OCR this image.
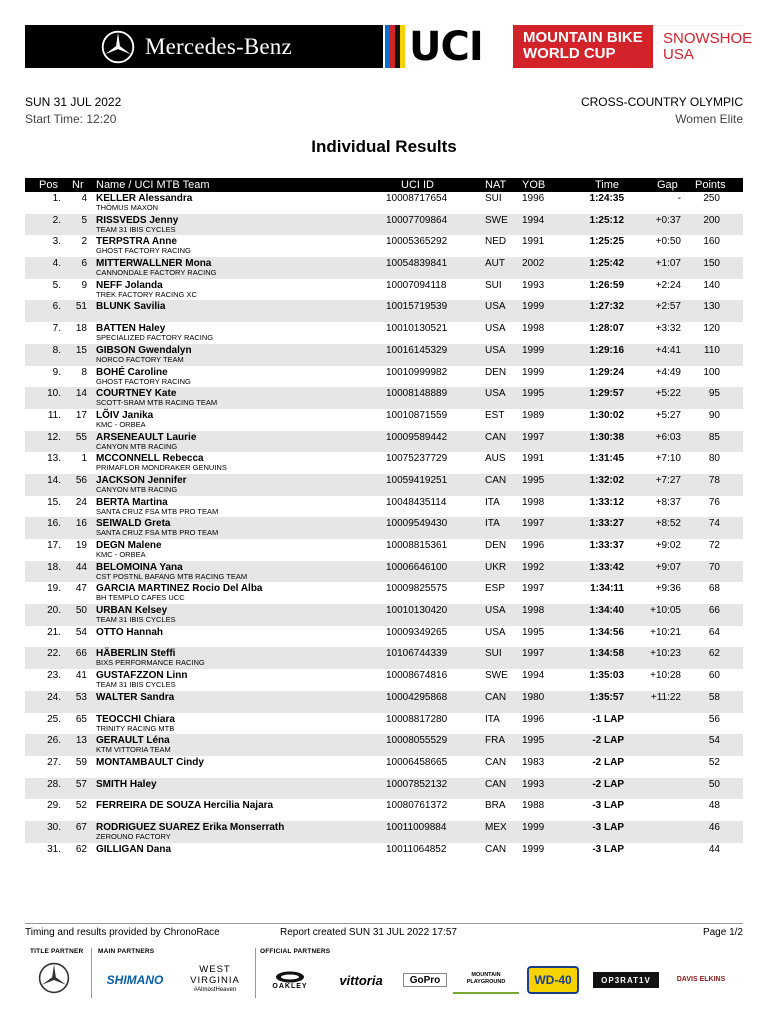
Mercedes-Benz	UCI	MOUNTAIN BIKE
WORLD CUP
SNOWSHOE
USA
SUN 31 JUL 2022
Start Time: 12:20
CROSS-COUNTRY OLYMPIC
Women Elite
Individual Results
Pos Nr Name / UCI MTB Team	UCI ID	NAT YOB	Time	Gap Points
1. 4 KELLER Alessandra	10008717654	SUI 1996	1:24:35	- 250
THÖMUS MAXON
2. 5 RISSVEDS Jenny	10007709864	SWE 1994	1:25:12	+0:37 200
TEAM 31 IBIS CYCLES
3. 2 TERPSTRA Anne	10005365292	NED 1991	1:25:25	+0:50 160
GHOST FACTORY RACING
4. 6 MITTERWALLNER Mona	10054839841	AUT 2002	1:25:42	+1:07 150
CANNONDALE FACTORY RACING
5. 9 NEFF Jolanda	10007094118	SUI 1993	1:26:59	+2:24 140
TREK FACTORY RACING XC
6. 51 BLUNK Savilia	10015719539	USA 1999	1:27:32	+2:57 130
7. 18 BATTEN Haley	10010130521	USA 1998	1:28:07	+3:32 120
SPECIALIZED FACTORY RACING
8. 15 GIBSON Gwendalyn	10016145329	USA 1999	1:29:16	+4:41 110
NORCO FACTORY TEAM
9. 8 BOHÉ Caroline	10010999982	DEN 1999	1:29:24	+4:49 100
GHOST FACTORY RACING
10. 14 COURTNEY Kate	10008148889	USA 1995	1:29:57	+5:22	95
SCOTT-SRAM MTB RACING TEAM
11. 17 LÕIV Janika	10010871559	EST 1989	1:30:02	+5:27	90
KMC - ORBEA
12. 55 ARSENEAULT Laurie	10009589442	CAN 1997	1:30:38	+6:03	85
CANYON MTB RACING
13. 1 MCCONNELL Rebecca	10075237729	AUS 1991	1:31:45	+7:10	80
PRIMAFLOR MONDRAKER GENUINS
14. 56 JACKSON Jennifer	10059419251	CAN 1995	1:32:02	+7:27	78
CANYON MTB RACING
15. 24 BERTA Martina	10048435114	ITA 1998	1:33:12	+8:37	76
SANTA CRUZ FSA MTB PRO TEAM
16. 16 SEIWALD Greta	10009549430	ITA 1997	1:33:27	+8:52	74
SANTA CRUZ FSA MTB PRO TEAM
17. 19 DEGN Malene	10008815361	DEN 1996	1:33:37	+9:02	72
KMC - ORBEA
18. 44 BELOMOINA Yana	10006646100	UKR 1992	1:33:42	+9:07	70
CST POSTNL BAFANG MTB RACING TEAM
19. 47 GARCIA MARTINEZ Rocio Del Alba	10009825575	ESP 1997	1:34:11	+9:36	68
BH TEMPLO CAFES UCC
20. 50 URBAN Kelsey	10010130420	USA 1998	1:34:40	+10:05	66
TEAM 31 IBIS CYCLES
21. 54 OTTO Hannah	10009349265	USA 1995	1:34:56	+10:21	64
22. 66 HÄBERLIN Steffi	10106744339	SUI 1997	1:34:58	+10:23	62
BIXS PERFORMANCE RACING
23. 41 GUSTAFZZON Linn	10008674816	SWE 1994	1:35:03	+10:28	60
TEAM 31 IBIS CYCLES
24. 53 WALTER Sandra	10004295868	CAN 1980	1:35:57	+11:22	58
25. 65 TEOCCHI Chiara	10008817280	ITA 1996	-1 LAP	56
TRINITY RACING MTB
26. 13 GERAULT Léna	10008055529	FRA 1995	-2 LAP	54
KTM VITTORIA TEAM
27. 59 MONTAMBAULT Cindy	10006458665	CAN 1983	-2 LAP	52
28. 57 SMITH Haley	10007852132	CAN 1993	-2 LAP	50
29. 52 FERREIRA DE SOUZA Hercilia Najara	10080761372	BRA 1988	-3 LAP	48
30. 67 RODRIGUEZ SUAREZ Erika Monserrath	10011009884	MEX 1999	-3 LAP	46
ZEROUNO FACTORY
31. 62 GILLIGAN Dana	10011064852	CAN 1999	-3 LAP	44
Timing and results provided by ChronoRace	Report created SUN 31 JUL 2022 17:57	Page 1/2
TITLE PARTNER MAIN PARTNERS
SHIMANO
WEST VIRGINIA
#AlmostHeaven
OFFICIAL PARTNERS
OAKLEY	vittoria	GoPro	MOUNTAIN PLAYGROUND	WD-40	OP3RAT1V	DAVIS ELKINS
